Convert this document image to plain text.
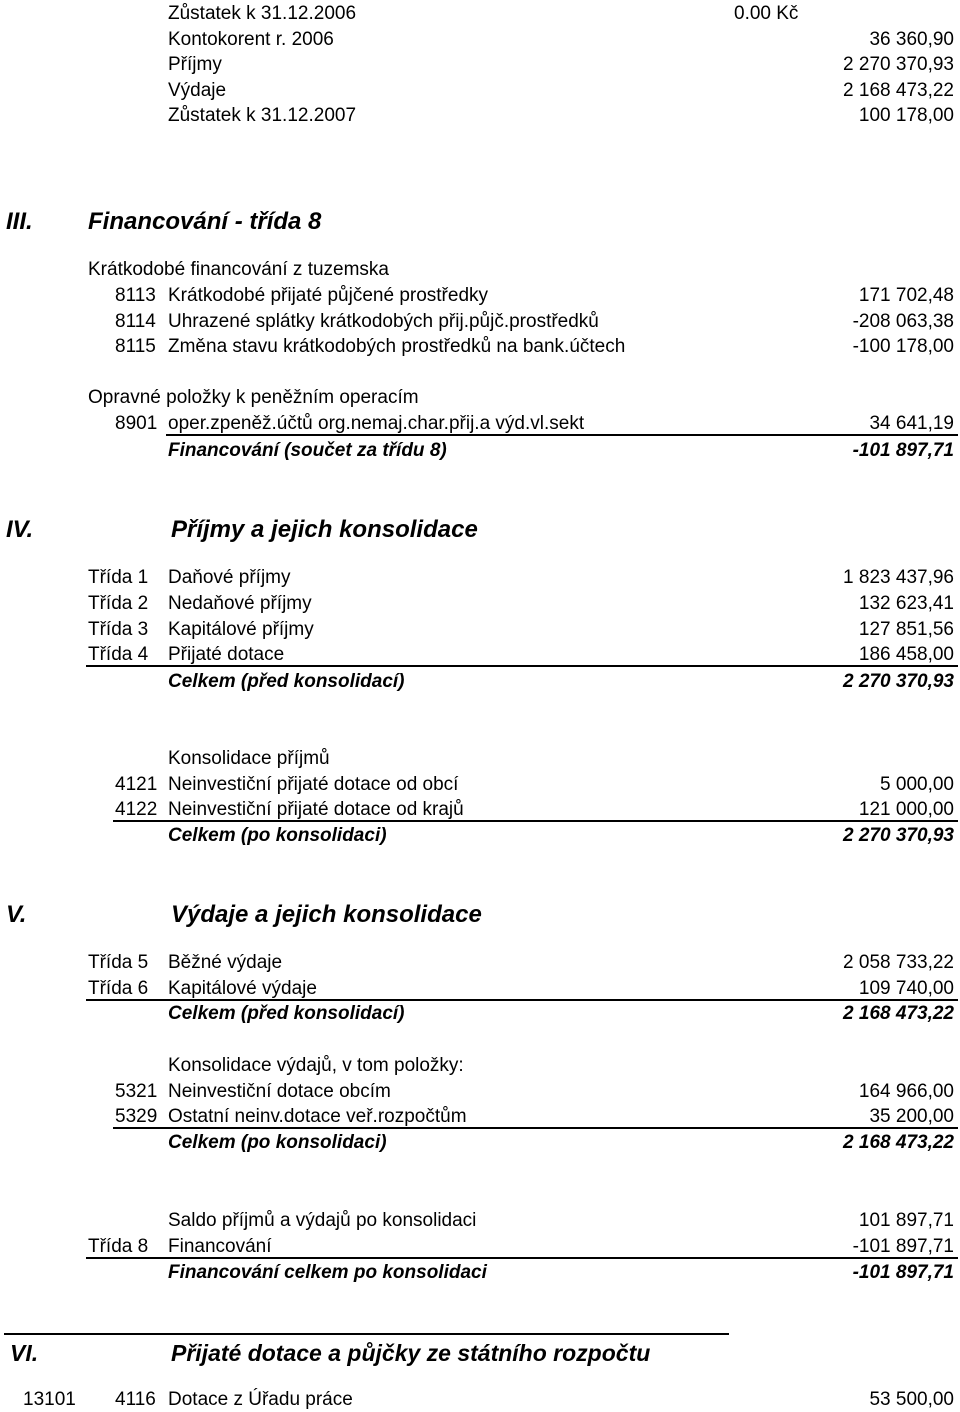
Zůstatek k 31.12.2006	0.00 Kč
Kontokorent r. 2006	36 360,90
Příjmy	2 270 370,93
Výdaje	2 168 473,22
Zůstatek k 31.12.2007	100 178,00
III. Financování - třída 8
Krátkodobé financování z tuzemska
8113 Krátkodobé přijaté půjčené prostředky	171 702,48
8114 Uhrazené splátky krátkodobých přij.půjč.prostředků	-208 063,38
8115 Změna stavu krátkodobých prostředků na bank.účtech	-100 178,00
Opravné položky k peněžním operacím
8901 oper.zpeněž.účtů org.nemaj.char.přij.a výd.vl.sekt	34 641,19
Financování (součet za třídu 8)	-101 897,71
IV.	Příjmy a jejich konsolidace
Třída 1 Daňové příjmy	1 823 437,96
Třída 2 Nedaňové příjmy	132 623,41
Třída 3 Kapitálové příjmy	127 851,56
Třída 4 Přijaté dotace	186 458,00
Celkem (před konsolidací)	2 270 370,93
Konsolidace příjmů
4121 Neinvestiční přijaté dotace od obcí	5 000,00
4122 Neinvestiční přijaté dotace od krajů	121 000,00
Celkem (po konsolidaci)	2 270 370,93
V.	Výdaje a jejich konsolidace
Třída 5 Běžné výdaje	2 058 733,22
Třída 6 Kapitálové výdaje	109 740,00
Celkem (před konsolidací)	2 168 473,22
Konsolidace výdajů, v tom položky:
5321 Neinvestiční dotace obcím	164 966,00
5329 Ostatní neinv.dotace veř.rozpočtům	35 200,00
Celkem (po konsolidaci)	2 168 473,22
Saldo příjmů a výdajů po konsolidaci	101 897,71
Třída 8 Financování	-101 897,71
Financování celkem po konsolidaci	-101 897,71
VI.	Přijaté dotace a půjčky ze státního rozpočtu
13101 4116 Dotace z Úřadu práce	53 500,00
